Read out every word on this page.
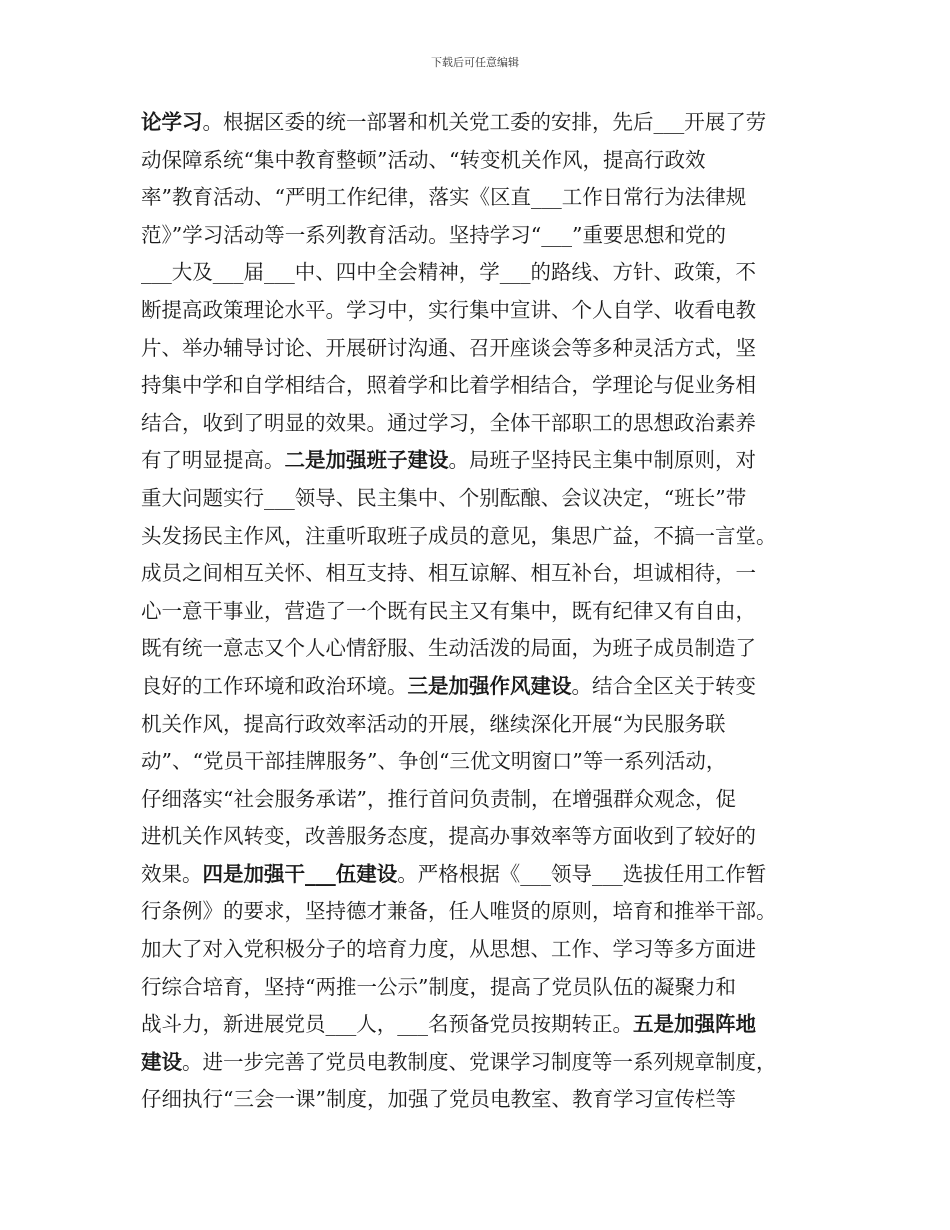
下载后可任意编辑
论学习。根据区委的统一部署和机关党工委的安排，先后___开展了劳
动保障系统“集中教育整顿”活动、“转变机关作风，提高行政效
率”教育活动、“严明工作纪律，落实《区直___工作日常行为法律规
范》”学习活动等一系列教育活动。坚持学习“___”重要思想和党的
___大及___届___中、四中全会精神，学___的路线、方针、政策，不
断提高政策理论水平。学习中，实行集中宣讲、个人自学、收看电教
片、举办辅导讨论、开展研讨沟通、召开座谈会等多种灵活方式，坚
持集中学和自学相结合，照着学和比着学相结合，学理论与促业务相
结合，收到了明显的效果。通过学习，全体干部职工的思想政治素养
有了明显提高。二是加强班子建设。局班子坚持民主集中制原则，对
重大问题实行___领导、民主集中、个别酝酿、会议决定，“班长”带
头发扬民主作风，注重听取班子成员的意见，集思广益，不搞一言堂。
成员之间相互关怀、相互支持、相互谅解、相互补台，坦诚相待，一
心一意干事业，营造了一个既有民主又有集中，既有纪律又有自由，
既有统一意志又个人心情舒服、生动活泼的局面，为班子成员制造了
良好的工作环境和政治环境。三是加强作风建设。结合全区关于转变
机关作风，提高行政效率活动的开展，继续深化开展“为民服务联
动”、“党员干部挂牌服务”、争创“三优文明窗口”等一系列活动，
仔细落实“社会服务承诺”，推行首问负责制，在增强群众观念，促
进机关作风转变，改善服务态度，提高办事效率等方面收到了较好的
效果。四是加强干___伍建设。严格根据《___领导___选拔任用工作暂
行条例》的要求，坚持德才兼备，任人唯贤的原则，培育和推举干部。
加大了对入党积极分子的培育力度，从思想、工作、学习等多方面进
行综合培育，坚持“两推一公示”制度，提高了党员队伍的凝聚力和
战斗力，新进展党员___人，___名预备党员按期转正。五是加强阵地
建设。进一步完善了党员电教制度、党课学习制度等一系列规章制度，
仔细执行“三会一课”制度，加强了党员电教室、教育学习宣传栏等
